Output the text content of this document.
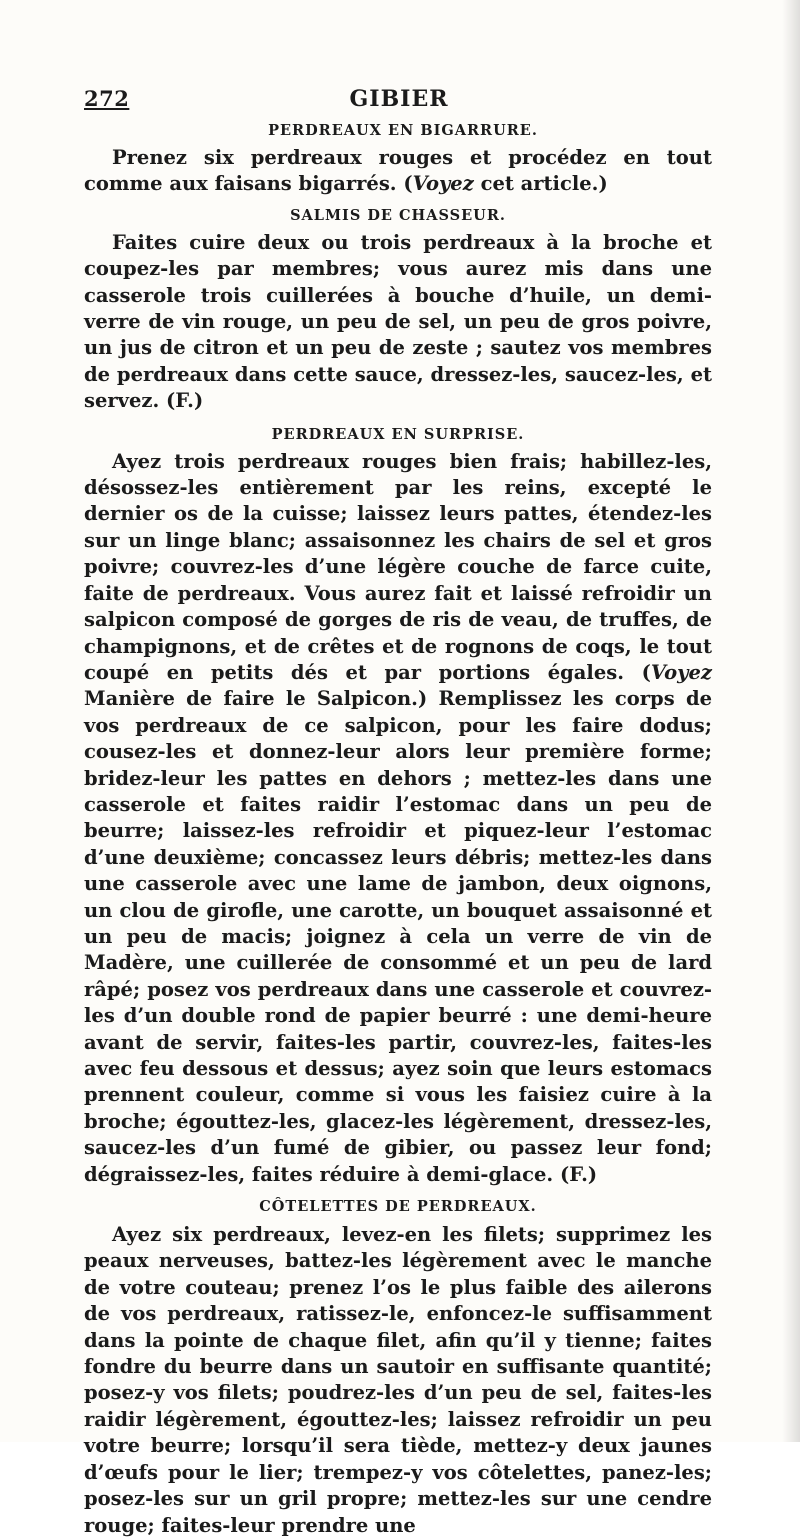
272	GIBIER
PERDREAUX EN BIGARRURE.

Prenez six perdreaux rouges et procédez en tout comme aux faisans bigarrés. (Voyez cet article.)

SALMIS DE CHASSEUR.

Faites cuire deux ou trois perdreaux à la broche et coupez-les par membres; vous aurez mis dans une casserole trois cuillerées à bouche d’huile, un demi-verre de vin rouge, un peu de sel, un peu de gros poivre, un jus de citron et un peu de zeste ; sautez vos membres de perdreaux dans cette sauce, dressez-les, saucez-les, et servez. (F.)

PERDREAUX EN SURPRISE.

Ayez trois perdreaux rouges bien frais; habillez-les, désossez-les entièrement par les reins, excepté le dernier os de la cuisse; laissez leurs pattes, étendez-les sur un linge blanc; assaisonnez les chairs de sel et gros poivre; couvrez-les d’une légère couche de farce cuite, faite de perdreaux. Vous aurez fait et laissé refroidir un salpicon composé de gorges de ris de veau, de truffes, de champignons, et de crêtes et de rognons de coqs, le tout coupé en petits dés et par portions égales. (Voyez Manière de faire le Salpicon.) Remplissez les corps de vos perdreaux de ce salpicon, pour les faire dodus; cousez-les et donnez-leur alors leur première forme; bridez-leur les pattes en dehors ; mettez-les dans une casserole et faites raidir l’estomac dans un peu de beurre; laissez-les refroidir et piquez-leur l’estomac d’une deuxième; concassez leurs débris; mettez-les dans une casserole avec une lame de jambon, deux oignons, un clou de girofle, une carotte, un bouquet assaisonné et un peu de macis; joignez à cela un verre de vin de Madère, une cuillerée de consommé et un peu de lard râpé; posez vos perdreaux dans une casserole et couvrez-les d’un double rond de papier beurré : une demi-heure avant de servir, faites-les partir, couvrez-les, faites-les avec feu dessous et dessus; ayez soin que leurs estomacs prennent couleur, comme si vous les faisiez cuire à la broche; égouttez-les, glacez-les légèrement, dressez-les, saucez-les d’un fumé de gibier, ou passez leur fond; dégraissez-les, faites réduire à demi-glace. (F.)

CÔTELETTES DE PERDREAUX.

Ayez six perdreaux, levez-en les filets; supprimez les peaux nerveuses, battez-les légèrement avec le manche de votre couteau; prenez l’os le plus faible des ailerons de vos perdreaux, ratissez-le, enfoncez-le suffisamment dans la pointe de chaque filet, afin qu’il y tienne; faites fondre du beurre dans un sautoir en suffisante quantité; posez-y vos filets; poudrez-les d’un peu de sel, faites-les raidir légèrement, égouttez-les; laissez refroidir un peu votre beurre; lorsqu’il sera tiède, mettez-y deux jaunes d’œufs pour le lier; trempez-y vos côtelettes, panez-les; posez-les sur un gril propre; mettez-les sur une cendre rouge; faites-leur prendre une
